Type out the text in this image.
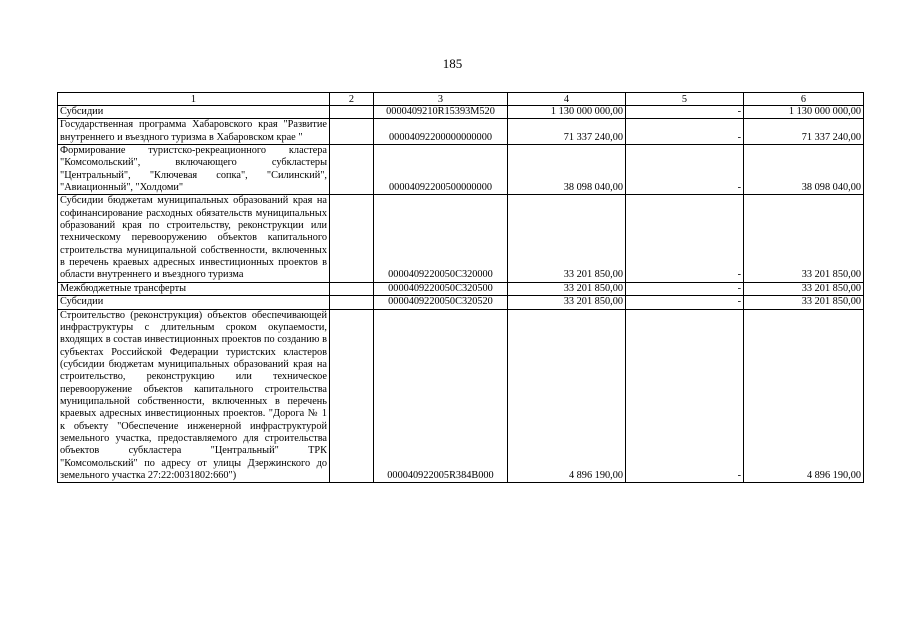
185
1	2	3	4	5	6
Субсидии		0000409210R15393M520	1 130 000 000,00	-	1 130 000 000,00
Государственная программа Хабаровского края "Развитие внутреннего и въездного туризма в Хабаровском крае "		00004092200000000000	71 337 240,00	-	71 337 240,00
Формирование туристско-рекреационного кластера "Комсомольский", включающего субкластеры "Центральный", "Ключевая сопка", "Силинский", "Авиационный", "Холдоми"		00004092200500000000	38 098 040,00	-	38 098 040,00
Субсидии бюджетам муниципальных образований края на софинансирование расходных обязательств муниципальных образований края по строительству, реконструкции или техническому перевооружению объектов капитального строительства муниципальной собственности, включенных в перечень краевых адресных инвестиционных проектов в области внутреннего и въездного туризма		0000409220050С320000	33 201 850,00	-	33 201 850,00
Межбюджетные трансферты		0000409220050С320500	33 201 850,00	-	33 201 850,00
Субсидии		0000409220050С320520	33 201 850,00	-	33 201 850,00
Строительство (реконструкция) объектов обеспечивающей инфраструктуры с длительным сроком окупаемости, входящих в состав инвестиционных проектов по созданию в субъектах Российской Федерации туристских кластеров (субсидии бюджетам муниципальных образований края на строительство, реконструкцию или техническое перевооружение объектов капитального строительства муниципальной собственности, включенных в перечень краевых адресных инвестиционных проектов. "Дорога № 1 к объекту "Обеспечение инженерной инфраструктурой земельного участка, предоставляемого для строительства объектов субкластера "Центральный" ТРК "Комсомольский" по адресу от улицы Дзержинского до земельного участка 27:22:0031802:660")		000040922005R384B000	4 896 190,00	-	4 896 190,00
